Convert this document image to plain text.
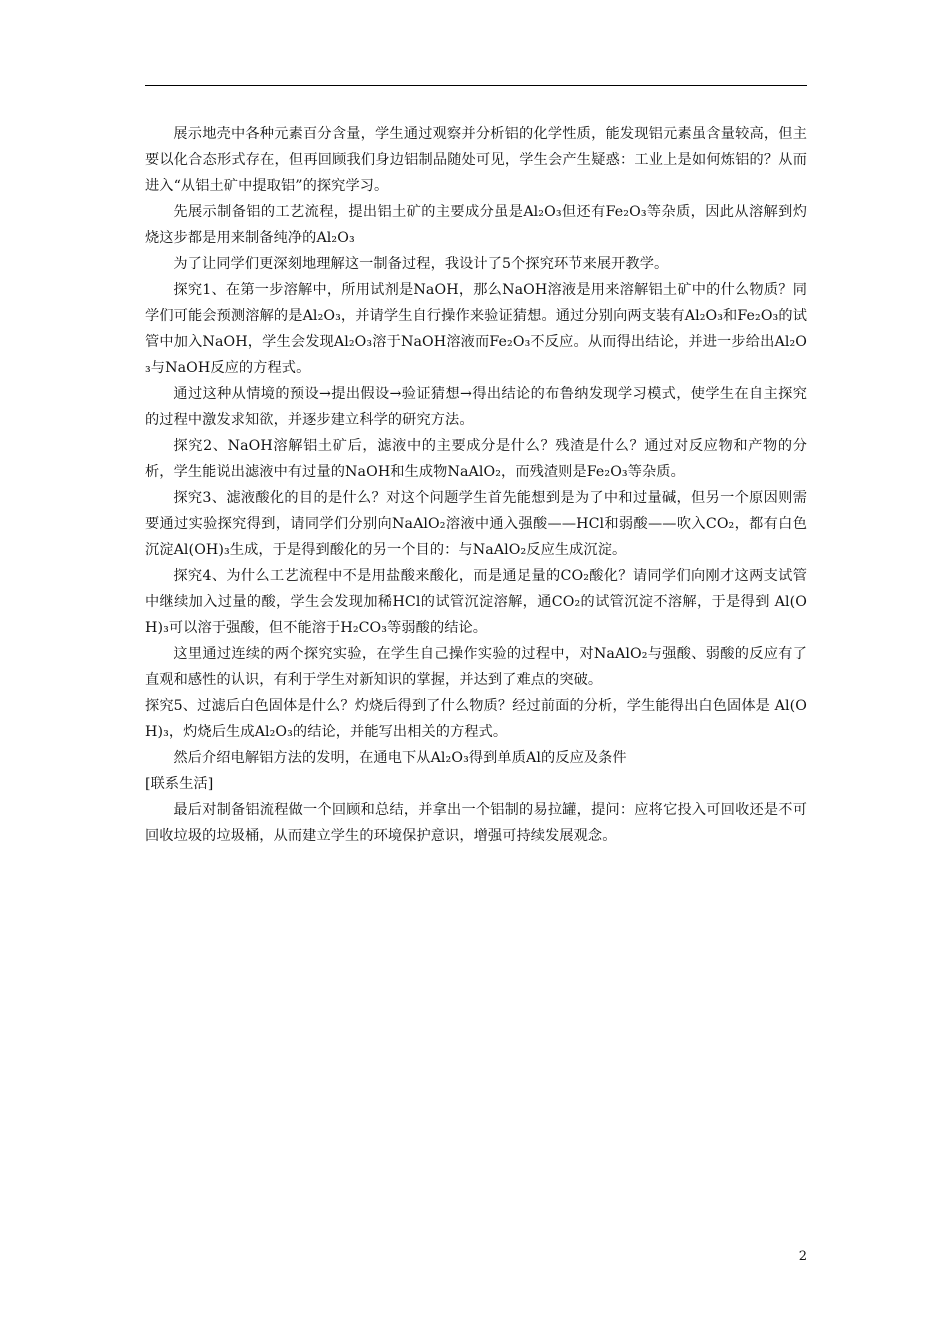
展示地壳中各种元素百分含量，学生通过观察并分析铝的化学性质，能发现铝元素虽含量较高，但主要以化合态形式存在，但再回顾我们身边铝制品随处可见，学生会产生疑惑：工业上是如何炼铝的？从而进入“从铝土矿中提取铝”的探究学习。

先展示制备铝的工艺流程，提出铝土矿的主要成分虽是Al₂O₃但还有Fe₂O₃等杂质，因此从溶解到灼烧这步都是用来制备纯净的Al₂O₃

为了让同学们更深刻地理解这一制备过程，我设计了5个探究环节来展开教学。

探究1、在第一步溶解中，所用试剂是NaOH，那么NaOH溶液是用来溶解铝土矿中的什么物质？同学们可能会预测溶解的是Al₂O₃，并请学生自行操作来验证猜想。通过分别向两支装有Al₂O₃和Fe₂O₃的试管中加入NaOH，学生会发现Al₂O₃溶于NaOH溶液而Fe₂O₃不反应。从而得出结论，并进一步给出Al₂O₃与NaOH反应的方程式。

通过这种从情境的预设→提出假设→验证猜想→得出结论的布鲁纳发现学习模式，使学生在自主探究的过程中激发求知欲，并逐步建立科学的研究方法。

探究2、NaOH溶解铝土矿后，滤液中的主要成分是什么？残渣是什么？通过对反应物和产物的分析，学生能说出滤液中有过量的NaOH和生成物NaAlO₂，而残渣则是Fe₂O₃等杂质。

探究3、滤液酸化的目的是什么？对这个问题学生首先能想到是为了中和过量碱，但另一个原因则需要通过实验探究得到，请同学们分别向NaAlO₂溶液中通入强酸——HCl和弱酸——吹入CO₂，都有白色沉淀Al(OH)₃生成，于是得到酸化的另一个目的：与NaAlO₂反应生成沉淀。

探究4、为什么工艺流程中不是用盐酸来酸化，而是通足量的CO₂酸化？请同学们向刚才这两支试管中继续加入过量的酸，学生会发现加稀HCl的试管沉淀溶解，通CO₂的试管沉淀不溶解，于是得到 Al(OH)₃可以溶于强酸，但不能溶于H₂CO₃等弱酸的结论。

这里通过连续的两个探究实验，在学生自己操作实验的过程中，对NaAlO₂与强酸、弱酸的反应有了直观和感性的认识，有利于学生对新知识的掌握，并达到了难点的突破。

探究5、过滤后白色固体是什么？灼烧后得到了什么物质？经过前面的分析，学生能得出白色固体是 Al(OH)₃，灼烧后生成Al₂O₃的结论，并能写出相关的方程式。

然后介绍电解铝方法的发明，在通电下从Al₂O₃得到单质Al的反应及条件

[联系生活]

最后对制备铝流程做一个回顾和总结，并拿出一个铝制的易拉罐，提问：应将它投入可回收还是不可回收垃圾的垃圾桶，从而建立学生的环境保护意识，增强可持续发展观念。

2
